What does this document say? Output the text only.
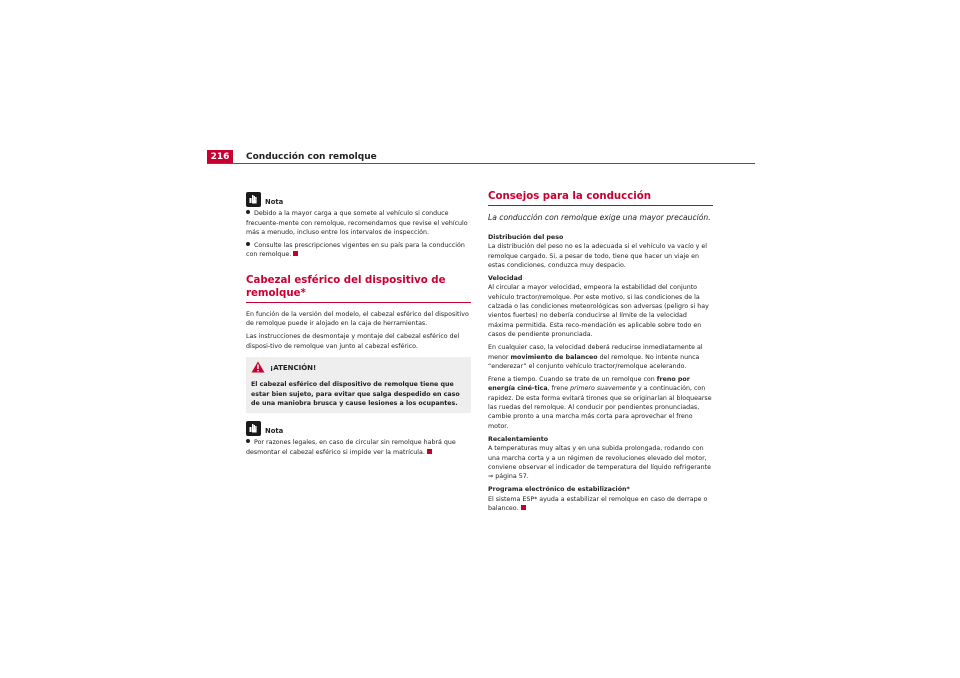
216	Conducción con remolque
Nota

Debido a la mayor carga a que somete al vehículo si conduce frecuente-mente con remolque, recomendamos que revise el vehículo más a menudo, incluso entre los intervalos de inspección.

Consulte las prescripciones vigentes en su país para la conducción con remolque.

Cabezal esférico del dispositivo de remolque*

En función de la versión del modelo, el cabezal esférico del dispositivo de remolque puede ir alojado en la caja de herramientas.

Las instrucciones de desmontaje y montaje del cabezal esférico del disposi-tivo de remolque van junto al cabezal esférico.

¡ATENCIÓN!
El cabezal esférico del dispositivo de remolque tiene que estar bien sujeto, para evitar que salga despedido en caso de una maniobra brusca y cause lesiones a los ocupantes.
Nota

Por razones legales, en caso de circular sin remolque habrá que desmontar el cabezal esférico si impide ver la matrícula.

Consejos para la conducción
La conducción con remolque exige una mayor precaución.
Distribución del peso

La distribución del peso no es la adecuada si el vehículo va vacío y el remolque cargado. Si, a pesar de todo, tiene que hacer un viaje en estas condiciones, conduzca muy despacio.

Velocidad

Al circular a mayor velocidad, empeora la estabilidad del conjunto vehículo tractor/remolque. Por este motivo, si las condiciones de la calzada o las condiciones meteorológicas son adversas (peligro si hay vientos fuertes) no debería conducirse al límite de la velocidad máxima permitida. Esta reco-mendación es aplicable sobre todo en casos de pendiente pronunciada.

En cualquier caso, la velocidad deberá reducirse inmediatamente al menor movimiento de balanceo del remolque. No intente nunca “enderezar” el conjunto vehículo tractor/remolque acelerando.

Frene a tiempo. Cuando se trate de un remolque con freno por energía ciné-tica, frene primero suavemente y a continuación, con rapidez. De esta forma evitará tirones que se originarían al bloquearse las ruedas del remolque. Al conducir por pendientes pronunciadas, cambie pronto a una marcha más corta para aprovechar el freno motor.

Recalentamiento

A temperaturas muy altas y en una subida prolongada, rodando con una marcha corta y a un régimen de revoluciones elevado del motor, conviene observar el indicador de temperatura del líquido refrigerante ⇒ página 57.

Programa electrónico de estabilización*

El sistema ESP* ayuda a estabilizar el remolque en caso de derrape o balanceo.
